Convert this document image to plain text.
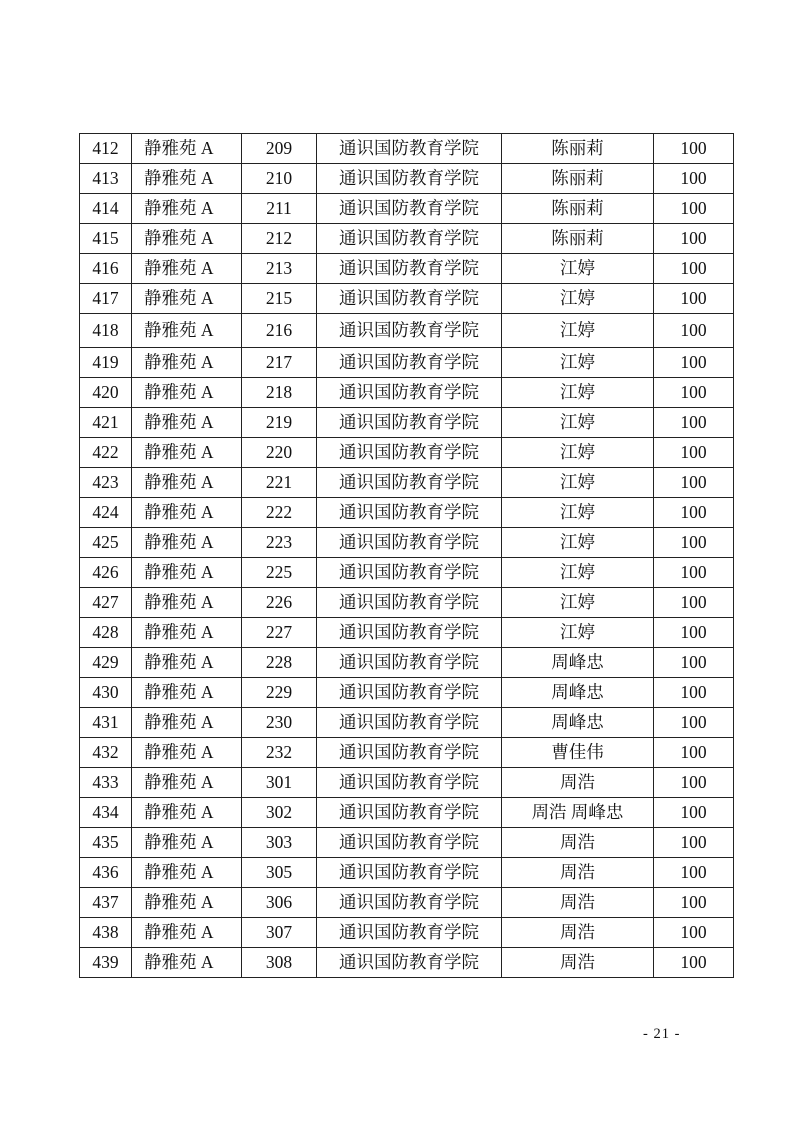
412	静雅苑 A	209	通识国防教育学院	陈丽莉	100
413	静雅苑 A	210	通识国防教育学院	陈丽莉	100
414	静雅苑 A	211	通识国防教育学院	陈丽莉	100
415	静雅苑 A	212	通识国防教育学院	陈丽莉	100
416	静雅苑 A	213	通识国防教育学院	江婷	100
417	静雅苑 A	215	通识国防教育学院	江婷	100
418	静雅苑 A	216	通识国防教育学院	江婷	100
419	静雅苑 A	217	通识国防教育学院	江婷	100
420	静雅苑 A	218	通识国防教育学院	江婷	100
421	静雅苑 A	219	通识国防教育学院	江婷	100
422	静雅苑 A	220	通识国防教育学院	江婷	100
423	静雅苑 A	221	通识国防教育学院	江婷	100
424	静雅苑 A	222	通识国防教育学院	江婷	100
425	静雅苑 A	223	通识国防教育学院	江婷	100
426	静雅苑 A	225	通识国防教育学院	江婷	100
427	静雅苑 A	226	通识国防教育学院	江婷	100
428	静雅苑 A	227	通识国防教育学院	江婷	100
429	静雅苑 A	228	通识国防教育学院	周峰忠	100
430	静雅苑 A	229	通识国防教育学院	周峰忠	100
431	静雅苑 A	230	通识国防教育学院	周峰忠	100
432	静雅苑 A	232	通识国防教育学院	曹佳伟	100
433	静雅苑 A	301	通识国防教育学院	周浩	100
434	静雅苑 A	302	通识国防教育学院	周浩 周峰忠	100
435	静雅苑 A	303	通识国防教育学院	周浩	100
436	静雅苑 A	305	通识国防教育学院	周浩	100
437	静雅苑 A	306	通识国防教育学院	周浩	100
438	静雅苑 A	307	通识国防教育学院	周浩	100
439	静雅苑 A	308	通识国防教育学院	周浩	100
- 21 -
